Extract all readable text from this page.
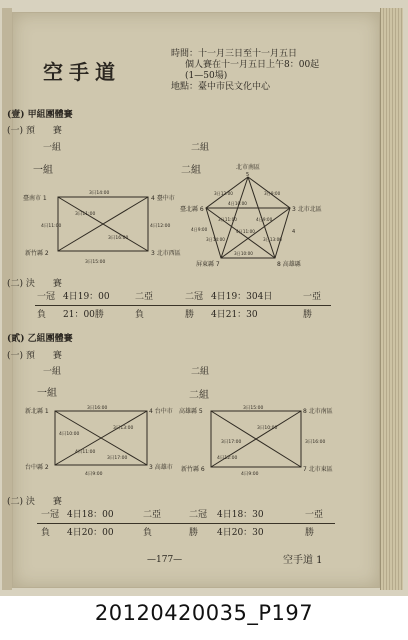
空手道
時間：十一月三日至十一月五日
個人賽在十一月五日上午8：00起
(1—50場)
地點：臺中市民文化中心
(壹) 甲組團體賽
(一) 預　　賽
一組	二組
一組	二組
臺南市 1	4 臺中市
新竹縣 2	3 北市西區
3日14:00
3日15:00
4日11:00	4日12:00
3日11:00
3日16:00
北市南區
5
臺北縣 6	3 北市北區
屏東縣 7	8 高雄縣
4
3日12:00	3日9:00
4日10:00
4日9:00
3日11:00
4日11:00
3日13:00
3日14:00
3日10:00
4日9:00
(二) 決　　賽
一冠 4日19：00	二亞	二冠 4日19：304日	一亞
負 21：00勝	負	勝 4日21：30	勝
(貳) 乙組團體賽
(一) 預　　賽
一組	二組
一組	二組
新北縣 1	4 台中市
台中縣 2	3 高雄市
3日16:00
4日9:00
4日10:00
4日11:00
3日13:00
3日17:00
高雄縣 5	8 北市南區
新竹縣 6	7 北市東區
3日15:00
4日9:00
3日17:00
4日12:00
3日16:00
3日10:00
(二) 決　　賽
一冠 4日18：00	二亞	二冠 4日18：30	一亞
負 4日20：00	負	勝 4日20：30	勝
—177—	空手道 1
20120420035_P197
